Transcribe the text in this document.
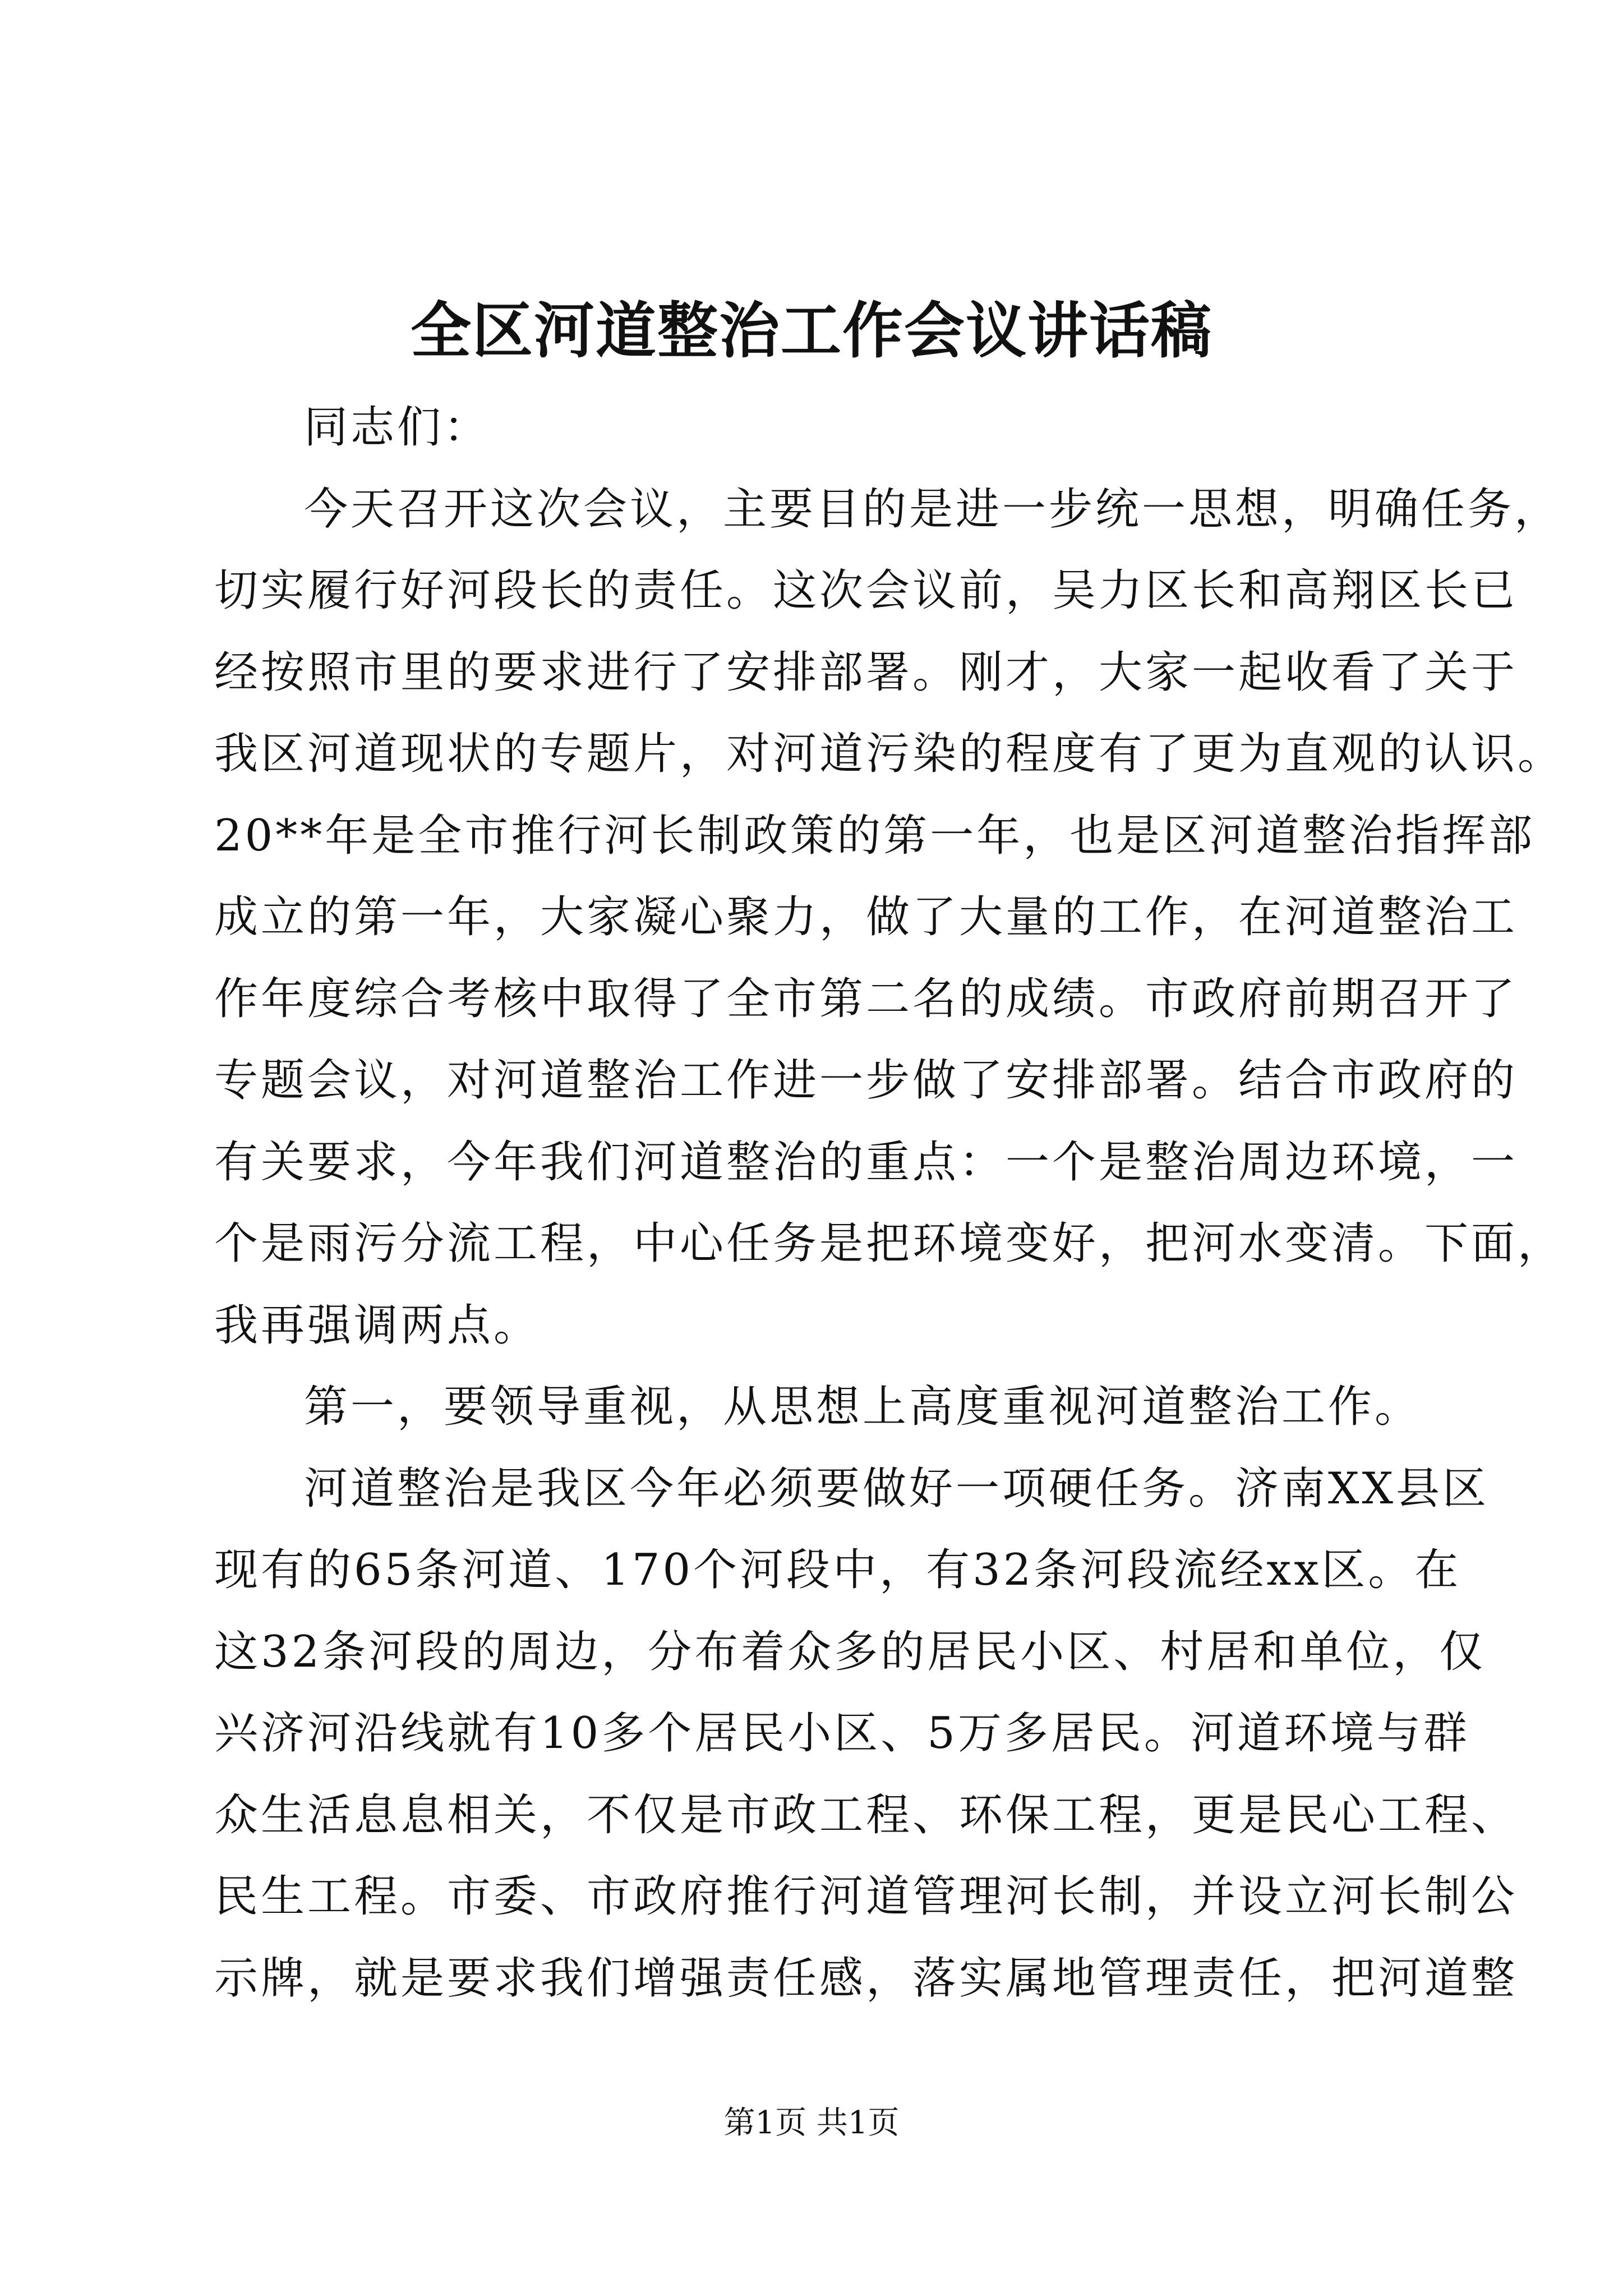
全区河道整治工作会议讲话稿

同志们：

今天召开这次会议，主要目的是进一步统一思想，明确任务，

切实履行好河段长的责任。这次会议前，吴力区长和高翔区长已

经按照市里的要求进行了安排部署。刚才，大家一起收看了关于

我区河道现状的专题片，对河道污染的程度有了更为直观的认识。

20**年是全市推行河长制政策的第一年，也是区河道整治指挥部

成立的第一年，大家凝心聚力，做了大量的工作，在河道整治工

作年度综合考核中取得了全市第二名的成绩。市政府前期召开了

专题会议，对河道整治工作进一步做了安排部署。结合市政府的

有关要求，今年我们河道整治的重点：一个是整治周边环境，一

个是雨污分流工程，中心任务是把环境变好，把河水变清。下面，

我再强调两点。

第一，要领导重视，从思想上高度重视河道整治工作。

河道整治是我区今年必须要做好一项硬任务。济南XX县区

现有的65条河道、170个河段中，有32条河段流经xx区。在

这32条河段的周边，分布着众多的居民小区、村居和单位，仅

兴济河沿线就有10多个居民小区、5万多居民。河道环境与群

众生活息息相关，不仅是市政工程、环保工程，更是民心工程、

民生工程。市委、市政府推行河道管理河长制，并设立河长制公

示牌，就是要求我们增强责任感，落实属地管理责任，把河道整

第1页 共1页
